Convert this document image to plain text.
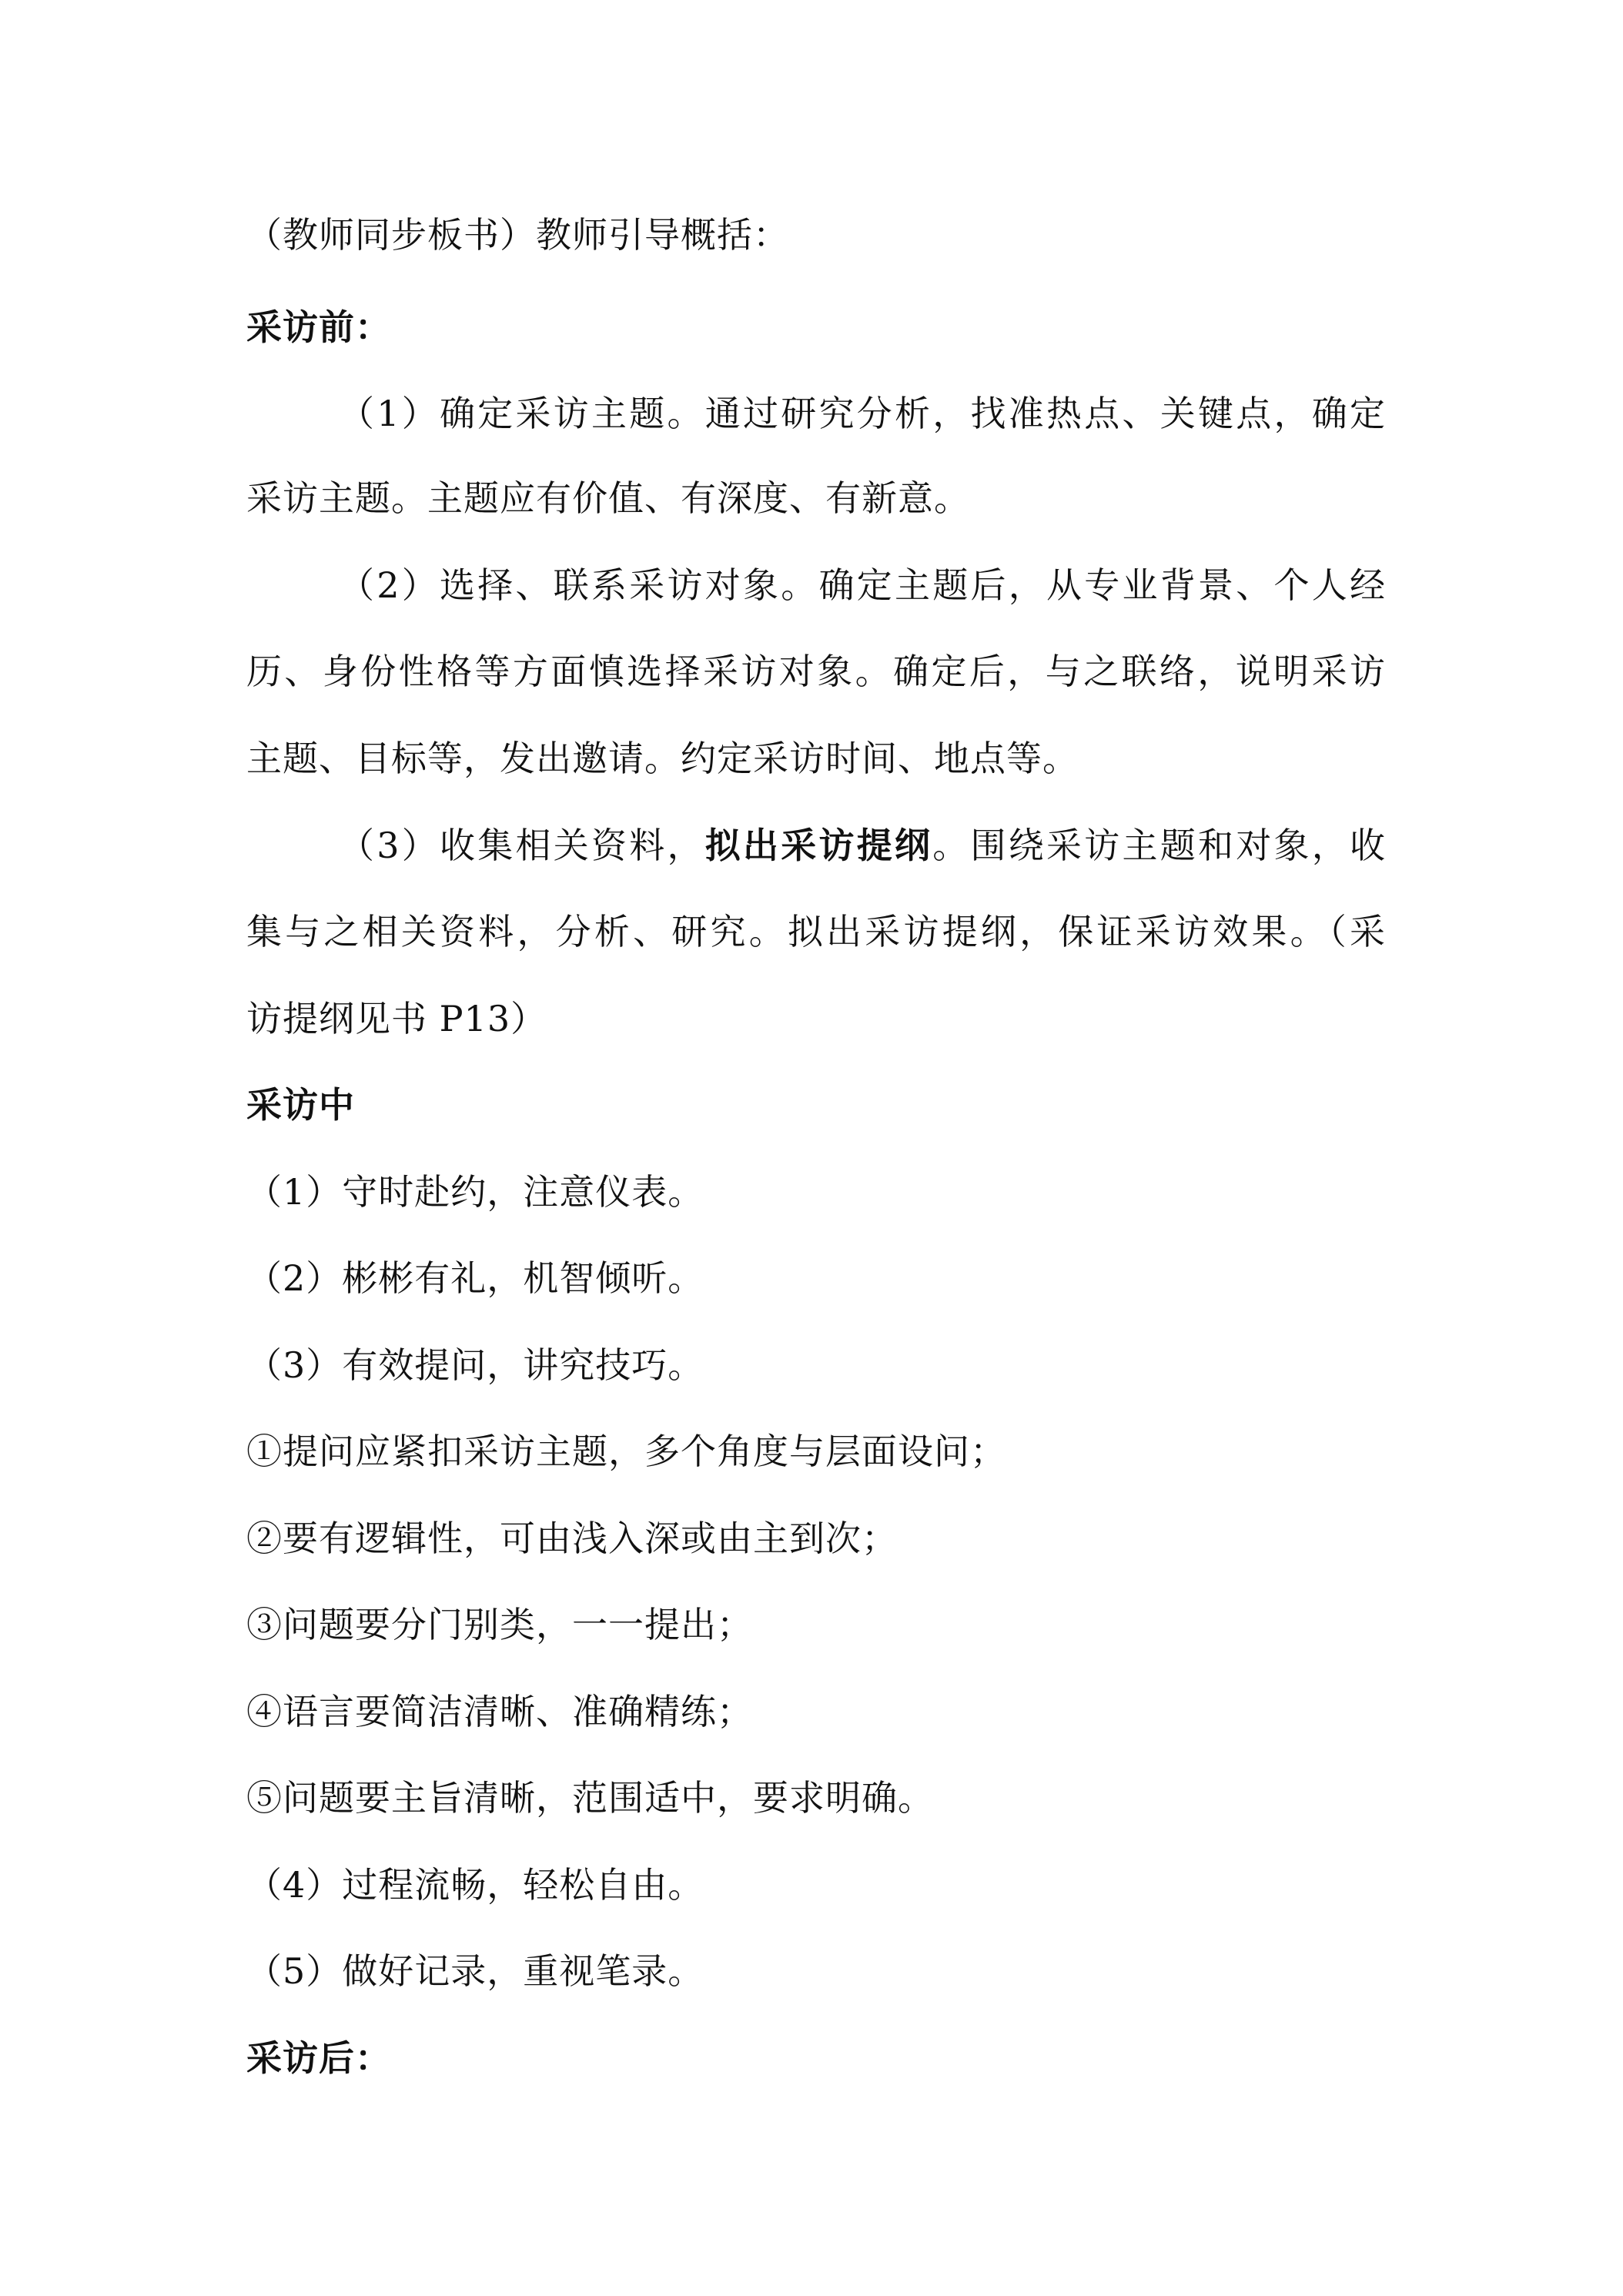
（教师同步板书）教师引导概括：
采访前：
（1）确定采访主题。通过研究分析，找准热点、关键点，确定
采访主题。主题应有价值、有深度、有新意。
（2）选择、联系采访对象。确定主题后，从专业背景、个人经
历、身份性格等方面慎选择采访对象。确定后，与之联络，说明采访
主题、目标等，发出邀请。约定采访时间、地点等。
（3）收集相关资料，拟出采访提纲。围绕采访主题和对象，收
集与之相关资料，分析、研究。拟出采访提纲，保证采访效果。（采
访提纲见书 P13）
采访中
（1）守时赴约，注意仪表。
（2）彬彬有礼，机智倾听。
（3）有效提问，讲究技巧。
①提问应紧扣采访主题，多个角度与层面设问；
②要有逻辑性，可由浅入深或由主到次；
③问题要分门别类，一一提出；
④语言要简洁清晰、准确精练；
⑤问题要主旨清晰，范围适中，要求明确。
（4）过程流畅，轻松自由。
（5）做好记录，重视笔录。
采访后：
